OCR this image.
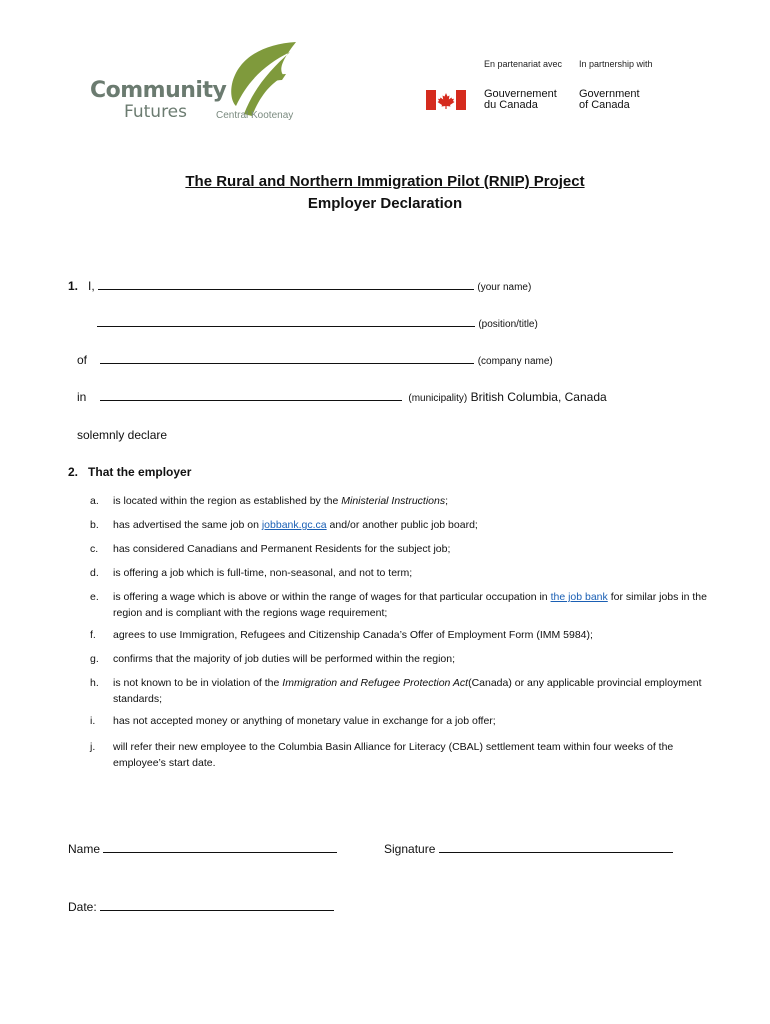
Community
Futures	Central Kootenay
En partenariat avec In partnership with
Gouvernement
du Canada
Government
of Canada
The Rural and Northern Immigration Pilot (RNIP) Project
Employer Declaration
1. I,	(your name)
(position/title)
of	(company name)
in	(municipality) British Columbia, Canada
solemnly declare
2. That the employer
a. is located within the region as established by the Ministerial Instructions;
b. has advertised the same job on jobbank.gc.ca and/or another public job board;
c. has considered Canadians and Permanent Residents for the subject job;
d. is offering a job which is full-time, non-seasonal, and not to term;
e. is offering a wage which is above or within the range of wages for that particular occupation in the job bank for similar jobs in the region and is compliant with the regions wage requirement;
f. agrees to use Immigration, Refugees and Citizenship Canada’s Offer of Employment Form (IMM 5984);
g. confirms that the majority of job duties will be performed within the region;
h. is not known to be in violation of the Immigration and Refugee Protection Act(Canada) or any applicable provincial employment standards;
i. has not accepted money or anything of monetary value in exchange for a job offer;
j. will refer their new employee to the Columbia Basin Alliance for Literacy (CBAL) settlement team within four weeks of the employee’s start date.
Name	Signature
Date:
